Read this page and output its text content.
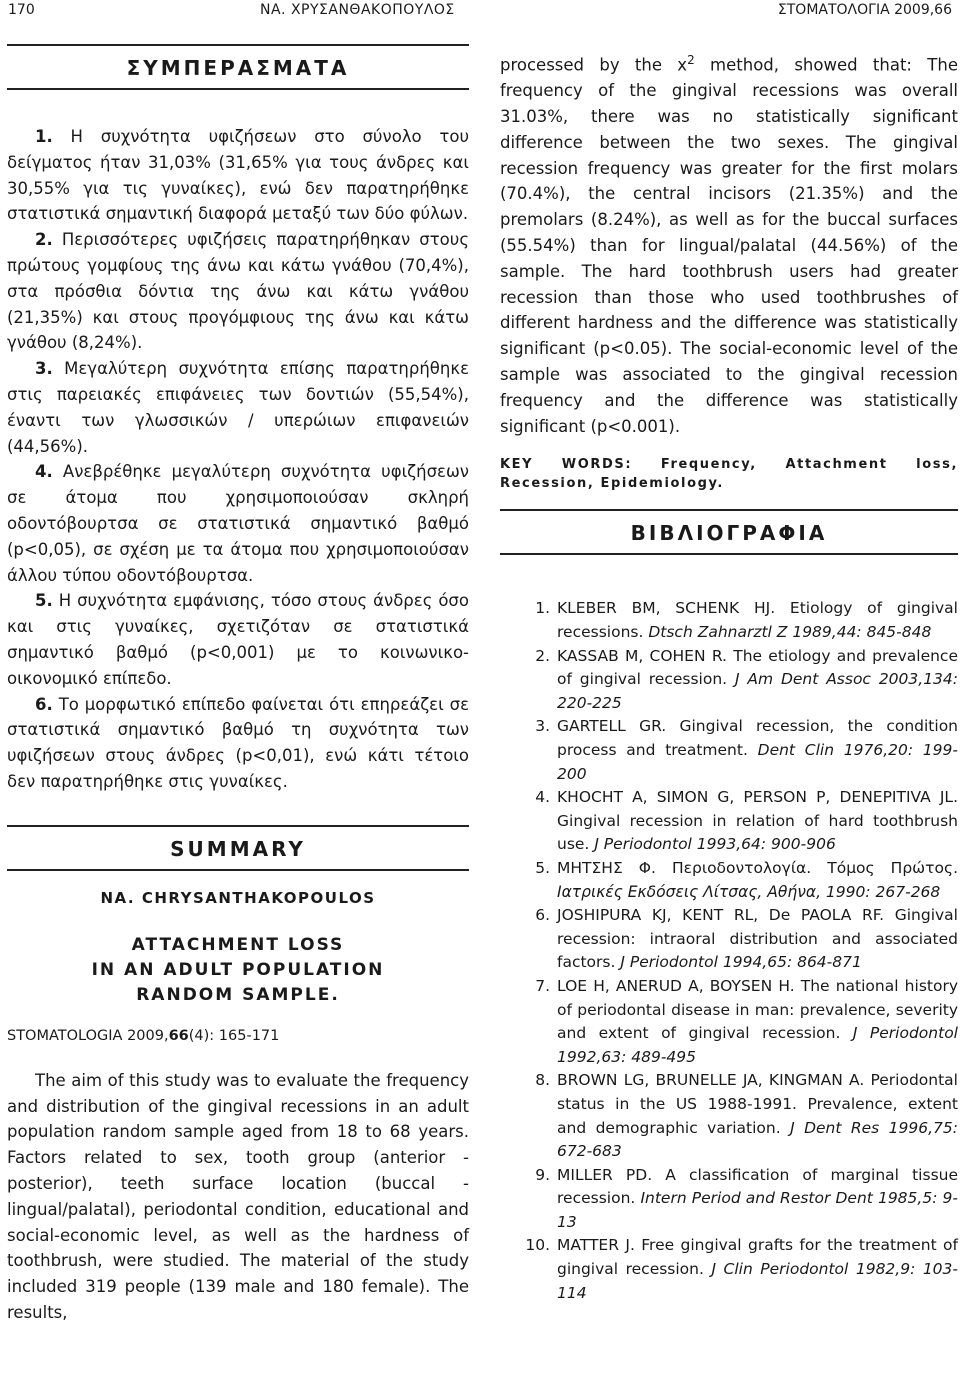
170	ΝΑ. ΧΡΥΣΑΝΘΑΚΟΠΟΥΛΟΣ	ΣΤΟΜΑΤΟΛΟΓΙΑ 2009,66
ΣΥΜΠΕΡΑΣΜΑΤΑ

1. Η συχνότητα υφιζήσεων στο σύνολο του δείγματος ήταν 31,03% (31,65% για τους άνδρες και 30,55% για τις γυναίκες), ενώ δεν παρατηρήθηκε στατιστικά σημαντική διαφορά μεταξύ των δύο φύλων.

2. Περισσότερες υφιζήσεις παρατηρήθηκαν στους πρώτους γομφίους της άνω και κάτω γνάθου (70,4%), στα πρόσθια δόντια της άνω και κάτω γνάθου (21,35%) και στους προγόμφιους της άνω και κάτω γνάθου (8,24%).

3. Μεγαλύτερη συχνότητα επίσης παρατηρήθηκε στις παρειακές επιφάνειες των δοντιών (55,54%), έναντι των γλωσσικών / υπερώιων επιφανειών (44,56%).

4. Ανεβρέθηκε μεγαλύτερη συχνότητα υφιζήσεων σε άτομα που χρησιμοποιούσαν σκληρή οδοντόβουρτσα σε στατιστικά σημαντικό βαθμό (p<0,05), σε σχέση με τα άτομα που χρησιμοποιούσαν άλλου τύπου οδοντόβουρτσα.

5. Η συχνότητα εμφάνισης, τόσο στους άνδρες όσο και στις γυναίκες, σχετιζόταν σε στατιστικά σημαντικό βαθμό (p<0,001) με το κοινωνικο-οικονομικό επίπεδο.

6. Το μορφωτικό επίπεδο φαίνεται ότι επηρεάζει σε στατιστικά σημαντικό βαθμό τη συχνότητα των υφιζήσεων στους άνδρες (p<0,01), ενώ κάτι τέτοιο δεν παρατηρήθηκε στις γυναίκες.

SUMMARY
NA. CHRYSANTHAKOPOULOS
ATTACHMENT LOSS
IN AN ADULT POPULATION
RANDOM SAMPLE.
STOMATOLOGIA 2009,66(4): 165-171

The aim of this study was to evaluate the frequency and distribution of the gingival recessions in an adult population random sample aged from 18 to 68 years. Factors related to sex, tooth group (anterior - posterior), teeth surface location (buccal - lingual/palatal), periodontal condition, educational and social-economic level, as well as the hardness of toothbrush, were studied. The material of the study included 319 people (139 male and 180 female). The results,

processed by the $x^2$ method, showed that: The frequency of the gingival recessions was overall 31.03%, there was no statistically significant difference between the two sexes. The gingival recession frequency was greater for the first molars (70.4%), the central incisors (21.35%) and the premolars (8.24%), as well as for the buccal surfaces (55.54%) than for lingual/palatal (44.56%) of the sample. The hard toothbrush users had greater recession than those who used toothbrushes of different hardness and the difference was statistically significant (p<0.05). The social-economic level of the sample was associated to the gingival recession frequency and the difference was statistically significant (p<0.001).

KEY WORDS: Frequency, Attachment loss, Recession, Epidemiology.

ΒΙΒΛΙΟΓΡΑΦΙΑ
1. KLEBER BM, SCHENK HJ. Etiology of gingival recessions. Dtsch Zahnarztl Z 1989,44: 845-848
2. KASSAB M, COHEN R. The etiology and prevalence of gingival recession. J Am Dent Assoc 2003,134: 220-225
3. GARTELL GR. Gingival recession, the condition process and treatment. Dent Clin 1976,20: 199-200
4. KHOCHT A, SIMON G, PERSON P, DENEPITIVA JL. Gingival recession in relation of hard toothbrush use. J Periodontol 1993,64: 900-906
5. ΜΗΤΣΗΣ Φ. Περιοδοντολογία. Τόμος Πρώτος. Ιατρικές Εκδόσεις Λίτσας, Αθήνα, 1990: 267-268
6. JOSHIPURA KJ, KENT RL, De PAOLA RF. Gingival recession: intraoral distribution and associated factors. J Periodontol 1994,65: 864-871
7. LOE H, ANERUD A, BOYSEN H. The national history of periodontal disease in man: prevalence, severity and extent of gingival recession. J Periodontol 1992,63: 489-495
8. BROWN LG, BRUNELLE JA, KINGMAN A. Periodontal status in the US 1988-1991. Prevalence, extent and demographic variation. J Dent Res 1996,75: 672-683
9. MILLER PD. A classification of marginal tissue recession. Intern Period and Restor Dent 1985,5: 9-13
10. MATTER J. Free gingival grafts for the treatment of gingival recession. J Clin Periodontol 1982,9: 103-114
